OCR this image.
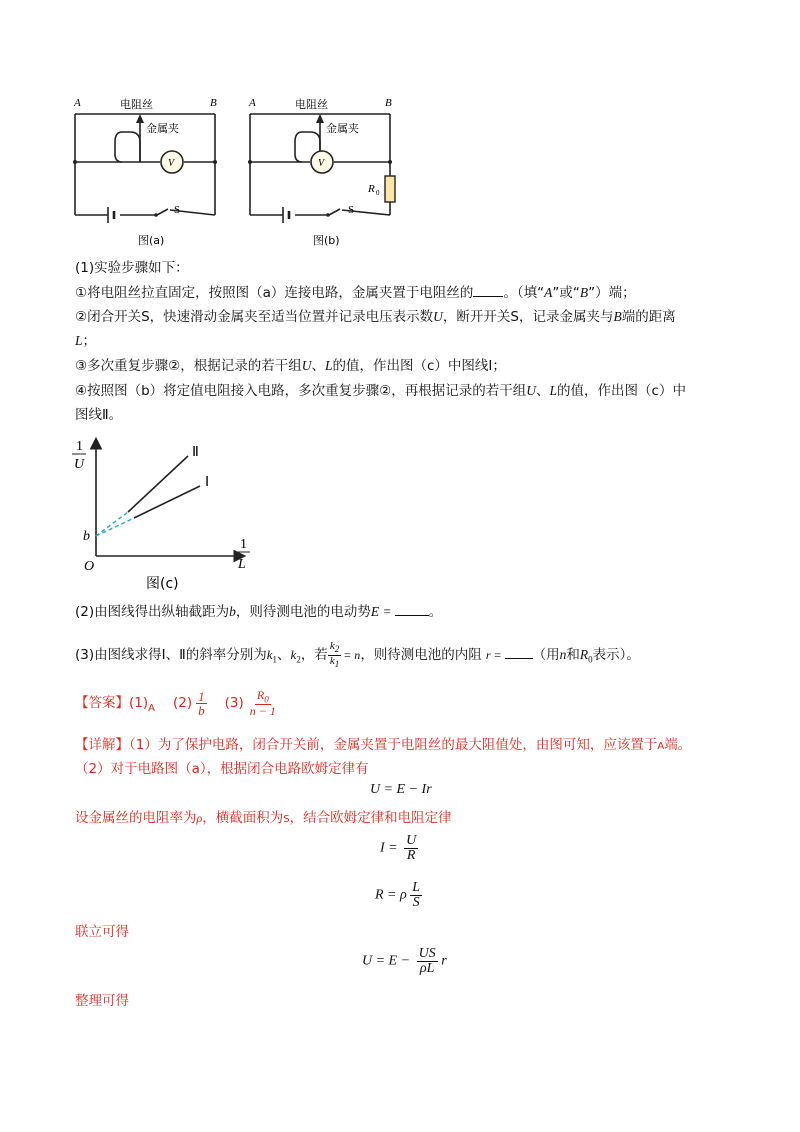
A	B
电阻丝
金属夹
V
S
图(a)
A	B
电阻丝
金属夹
V
R 0
S
图(b)
(1)实验步骤如下：
①将电阻丝拉直固定，按照图（a）连接电路，金属夹置于电阻丝的 。（填“A”或“B”）端；
②闭合开关S，快速滑动金属夹至适当位置并记录电压表示数U，断开开关S，记录金属夹与B端的距离
L；
③多次重复步骤②，根据记录的若干组U、L的值，作出图（c）中图线Ⅰ；
④按照图（b）将定值电阻接入电路，多次重复步骤②，再根据记录的若干组U、L的值，作出图（c）中
图线Ⅱ。
1
U
1
L
O
b
Ⅱ
Ⅰ
图(c)
(2)由图线得出纵轴截距为b，则待测电池的电动势E =	。
(3)由图线求得Ⅰ、Ⅱ的斜率分别为$k_1$、$k_2$，若 $\frac{k_2}{k_1} = n$，则待测电池的内阻 r = （用n和$R_0$表示）。
【答案】$(1)_A$ $(2) \frac{1}{b} (3) \frac{R_0}{n - 1}$
【详解】（1）为了保护电路，闭合开关前，金属夹置于电阻丝的最大阻值处，由图可知，应该置于A端。
（2）对于电路图（a），根据闭合电路欧姆定律有
U = E − Ir
设金属丝的电阻率为ρ，横截面积为S，结合欧姆定律和电阻定律
$I = \frac{U}{R}$
R = ρ $\frac{L}{S}$
联立可得
$U = E - \frac{US}{\rho L}$ r
整理可得
